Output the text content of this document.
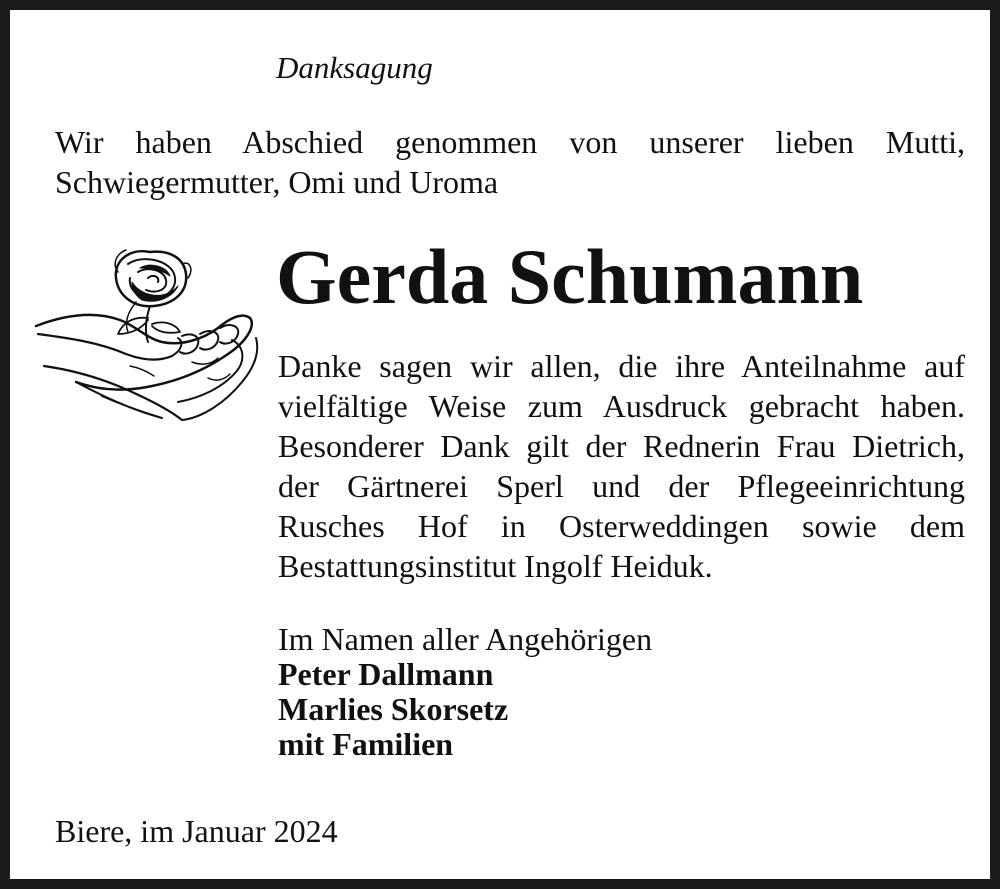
Danksagung
Wir haben Abschied genommen von unserer lieben Mutti,
Schwiegermutter, Omi und Uroma
Gerda Schumann
Danke sagen wir allen, die ihre Anteilnahme auf
vielfältige Weise zum Ausdruck gebracht haben.
Besonderer Dank gilt der Rednerin Frau Dietrich,
der Gärtnerei Sperl und der Pflegeeinrichtung
Rusches Hof in Osterweddingen sowie dem
Bestattungsinstitut Ingolf Heiduk.
Im Namen aller Angehörigen
Peter Dallmann
Marlies Skorsetz
mit Familien
Biere, im Januar 2024
